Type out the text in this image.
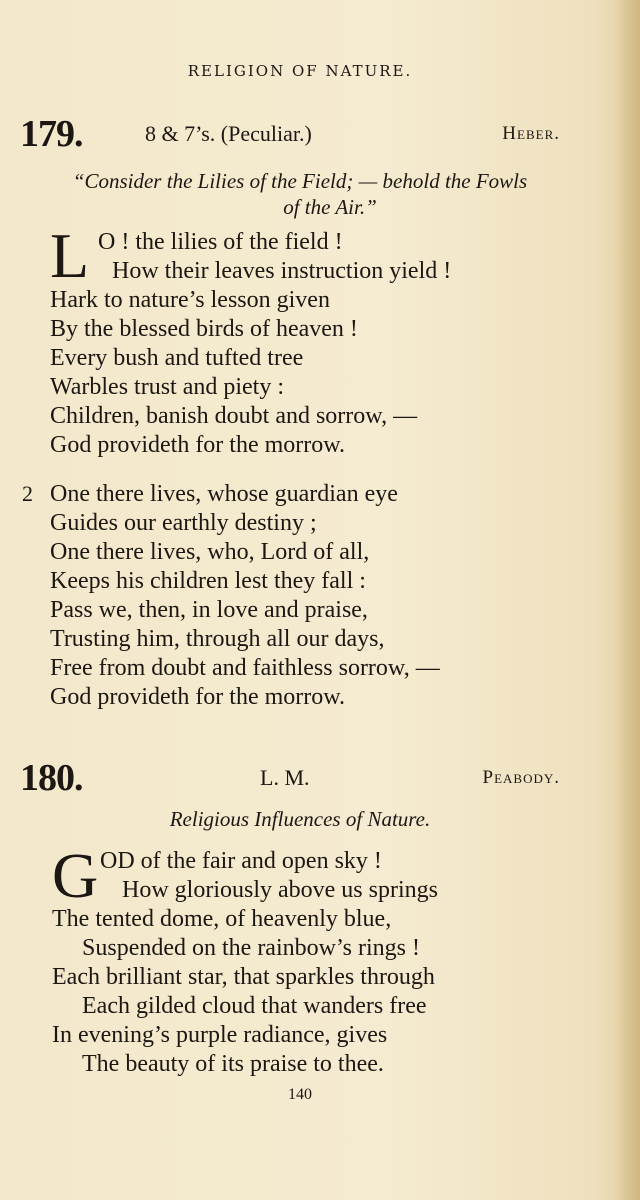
RELIGION OF NATURE.
179.	8 & 7’s. (Peculiar.)	Heber.
“Consider the Lilies of the Field; — behold the Fowls
of the Air.”
L O ! the lilies of the field !
How their leaves instruction yield !
Hark to nature’s lesson given
By the blessed birds of heaven !
Every bush and tufted tree
Warbles trust and piety :
Children, banish doubt and sorrow, —
God provideth for the morrow.
2 One there lives, whose guardian eye
Guides our earthly destiny ;
One there lives, who, Lord of all,
Keeps his children lest they fall :
Pass we, then, in love and praise,
Trusting him, through all our days,
Free from doubt and faithless sorrow, —
God provideth for the morrow.
180.	L. M.	Peabody.
Religious Influences of Nature.
G OD of the fair and open sky !
How gloriously above us springs
The tented dome, of heavenly blue,
Suspended on the rainbow’s rings !
Each brilliant star, that sparkles through
Each gilded cloud that wanders free
In evening’s purple radiance, gives
The beauty of its praise to thee.
140
